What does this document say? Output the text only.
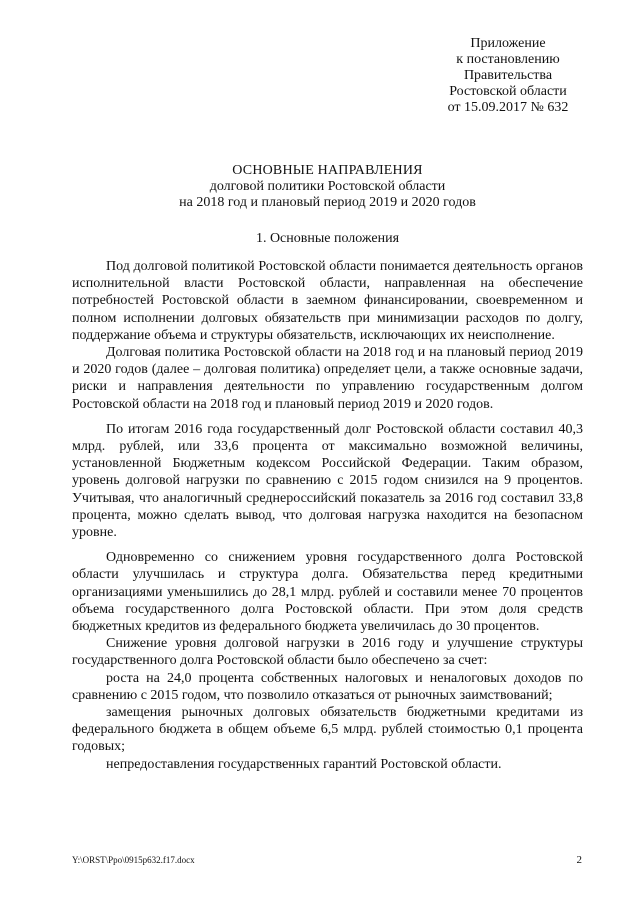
Приложение
к постановлению
Правительства
Ростовской области
от 15.09.2017 № 632
ОСНОВНЫЕ НАПРАВЛЕНИЯ
долговой политики Ростовской области
на 2018 год и плановый период 2019 и 2020 годов
1. Основные положения

Под долговой политикой Ростовской области понимается деятельность органов исполнительной власти Ростовской области, направленная на обеспечение потребностей Ростовской области в заемном финансировании, своевременном и полном исполнении долговых обязательств при минимизации расходов по долгу, поддержание объема и структуры обязательств, исключающих их неисполнение.

Долговая политика Ростовской области на 2018 год и на плановый период 2019 и 2020 годов (далее – долговая политика) определяет цели, а также основные задачи, риски и направления деятельности по управлению государственным долгом Ростовской области на 2018 год и плановый период 2019 и 2020 годов.

По итогам 2016 года государственный долг Ростовской области составил 40,3 млрд. рублей, или 33,6 процента от максимально возможной величины, установленной Бюджетным кодексом Российской Федерации. Таким образом, уровень долговой нагрузки по сравнению с 2015 годом снизился на 9 процентов. Учитывая, что аналогичный среднероссийский показатель за 2016 год составил 33,8 процента, можно сделать вывод, что долговая нагрузка находится на безопасном уровне.

Одновременно со снижением уровня государственного долга Ростовской области улучшилась и структура долга. Обязательства перед кредитными организациями уменьшились до 28,1 млрд. рублей и составили менее 70 процентов объема государственного долга Ростовской области. При этом доля средств бюджетных кредитов из федерального бюджета увеличилась до 30 процентов.

Снижение уровня долговой нагрузки в 2016 году и улучшение структуры государственного долга Ростовской области было обеспечено за счет:

роста на 24,0 процента собственных налоговых и неналоговых доходов по сравнению с 2015 годом, что позволило отказаться от рыночных заимствований;

замещения рыночных долговых обязательств бюджетными кредитами из федерального бюджета в общем объеме 6,5 млрд. рублей стоимостью 0,1 процента годовых;

непредоставления государственных гарантий Ростовской области.

Y:\ORST\Ppo\0915p632.f17.docx	2
